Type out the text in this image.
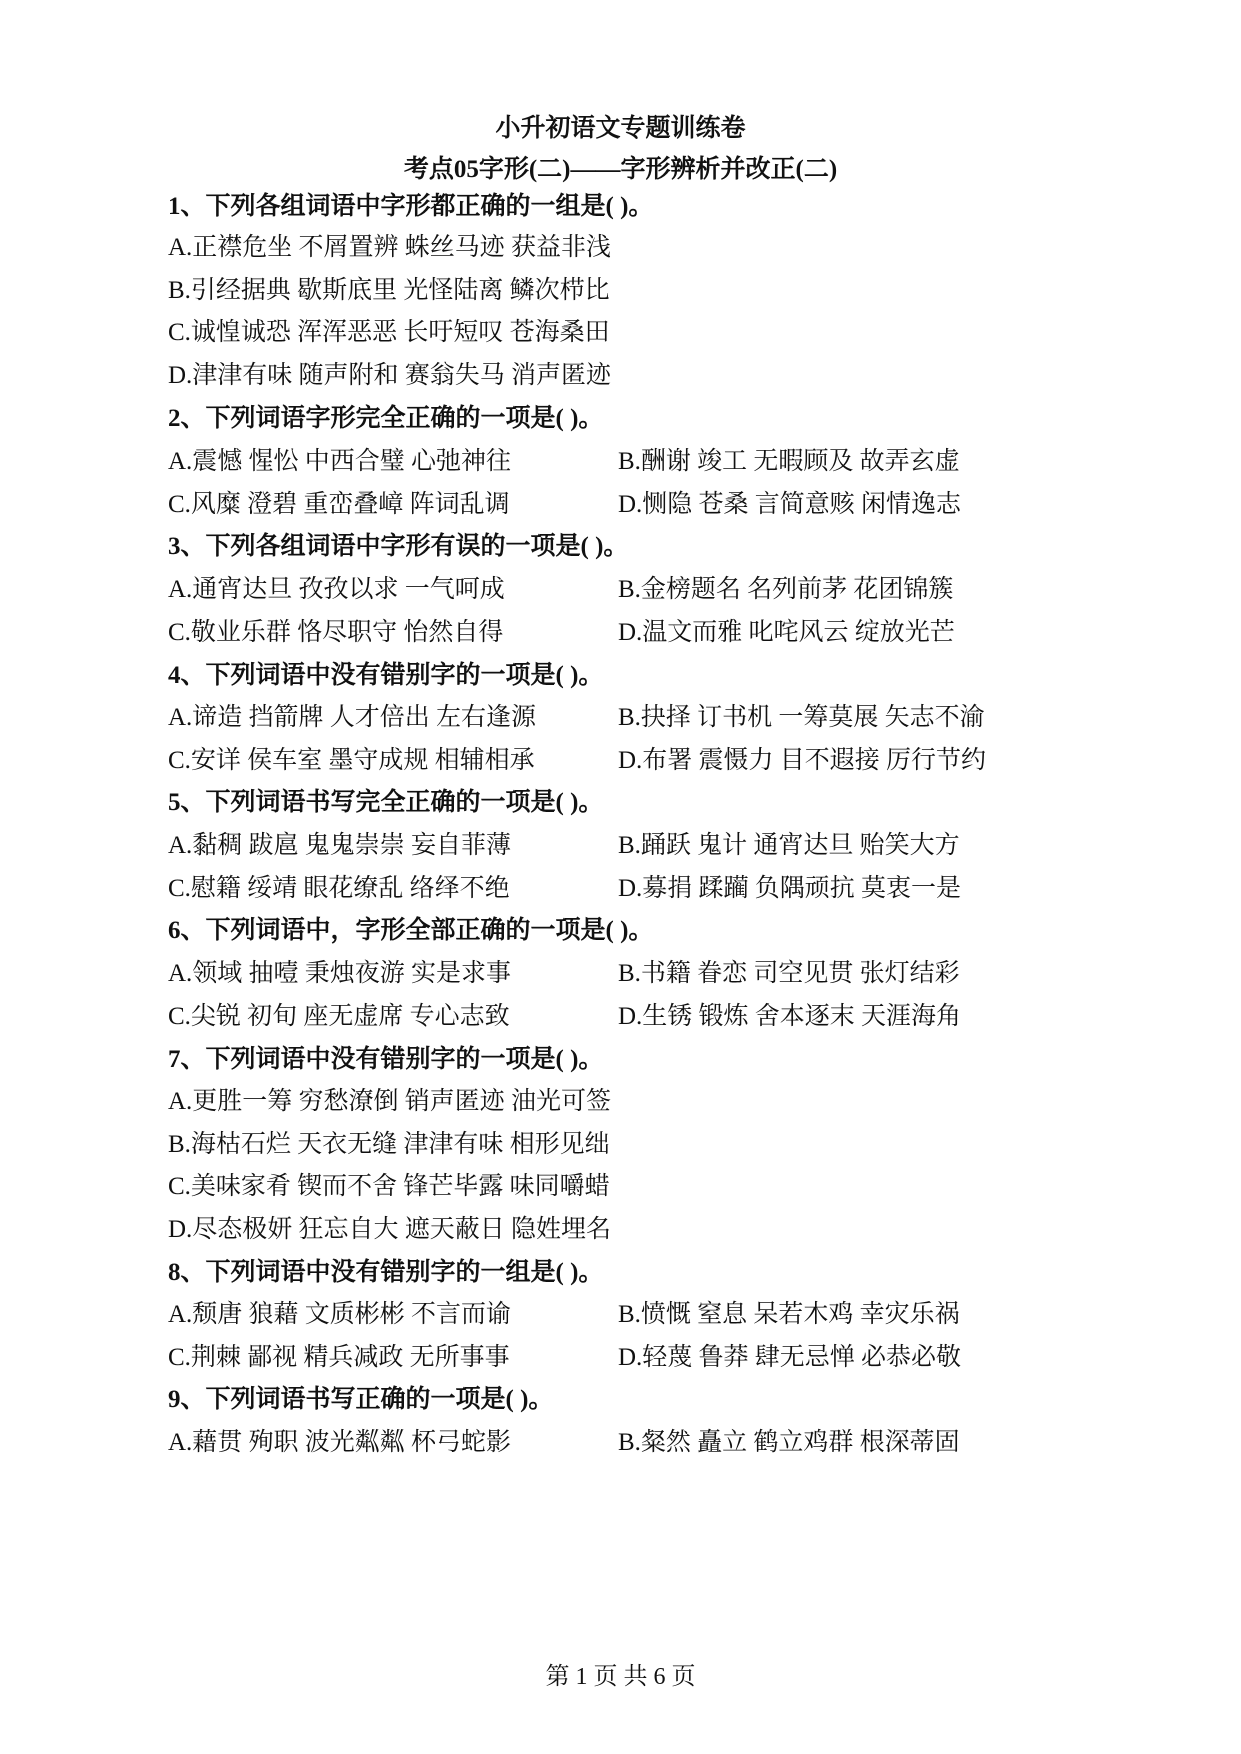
小升初语文专题训练卷
考点05字形(二)——字形辨析并改正(二)
1、下列各组词语中字形都正确的一组是( )。
A.正襟危坐 不屑置辨 蛛丝马迹 获益非浅
B.引经据典 歇斯底里 光怪陆离 鳞次栉比
C.诚惶诚恐 浑浑恶恶 长吁短叹 苍海桑田
D.津津有味 随声附和 赛翁失马 消声匿迹
2、下列词语字形完全正确的一项是( )。
A.震憾 惺忪 中西合璧 心弛神往	B.酬谢 竣工 无暇顾及 故弄玄虚
C.风糜 澄碧 重峦叠嶂 阵词乱调	D.恻隐 苍桑 言简意赅 闲情逸志
3、下列各组词语中字形有误的一项是( )。
A.通宵达旦 孜孜以求 一气呵成	B.金榜题名 名列前茅 花团锦簇
C.敬业乐群 恪尽职守 怡然自得	D.温文而雅 叱咤风云 绽放光芒
4、下列词语中没有错别字的一项是( )。
A.谛造 挡箭牌 人才倍出 左右逢源	B.抉择 订书机 一筹莫展 矢志不渝
C.安详 侯车室 墨守成规 相辅相承	D.布署 震慑力 目不遐接 厉行节约
5、下列词语书写完全正确的一项是( )。
A.黏稠 跋扈 鬼鬼崇崇 妄自菲薄	B.踊跃 鬼计 通宵达旦 贻笑大方
C.慰籍 绥靖 眼花缭乱 络绎不绝	D.募捐 蹂躏 负隅顽抗 莫衷一是
6、下列词语中，字形全部正确的一项是( )。
A.领域 抽噎 秉烛夜游 实是求事	B.书籍 眷恋 司空见贯 张灯结彩
C.尖锐 初旬 座无虚席 专心志致	D.生锈 锻炼 舍本逐末 天涯海角
7、下列词语中没有错别字的一项是( )。
A.更胜一筹 穷愁潦倒 销声匿迹 油光可签
B.海枯石烂 天衣无缝 津津有味 相形见绌
C.美味家肴 锲而不舍 锋芒毕露 味同嚼蜡
D.尽态极妍 狂忘自大 遮天蔽日 隐姓埋名
8、下列词语中没有错别字的一组是( )。
A.颓唐 狼藉 文质彬彬 不言而谕	B.愤慨 窒息 呆若木鸡 幸灾乐祸
C.荆棘 鄙视 精兵减政 无所事事	D.轻蔑 鲁莽 肆无忌惮 必恭必敬
9、下列词语书写正确的一项是( )。
A.藉贯 殉职 波光粼粼 杯弓蛇影	B.粲然 矗立 鹤立鸡群 根深蒂固
第 1 页 共 6 页
